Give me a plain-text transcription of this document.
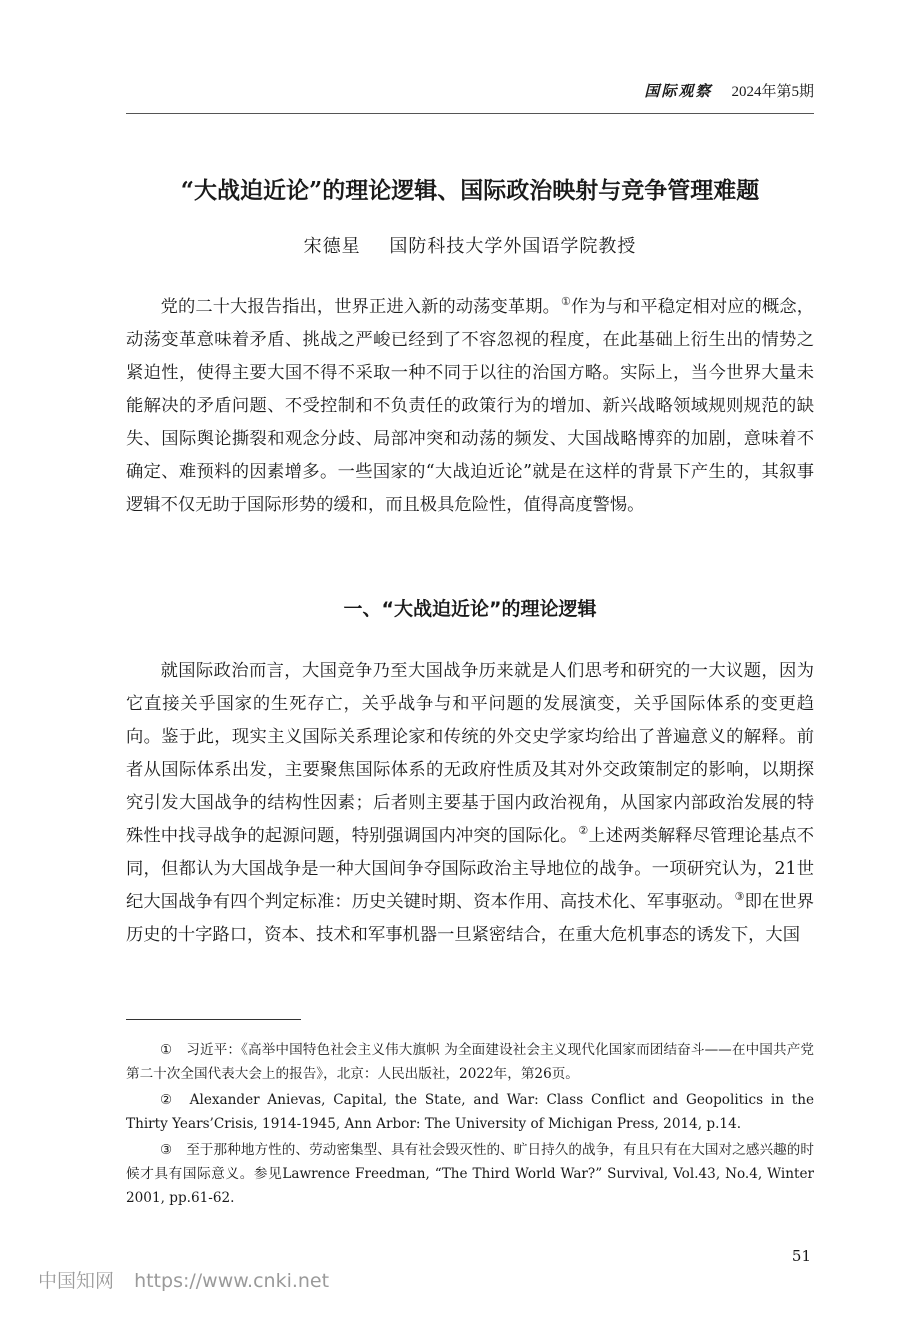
国际观察 2024年第5期
“大战迫近论”的理论逻辑、国际政治映射与竞争管理难题
宋德星 国防科技大学外国语学院教授

党的二十大报告指出，世界正进入新的动荡变革期。①作为与和平稳定相对应的概念，动荡变革意味着矛盾、挑战之严峻已经到了不容忽视的程度，在此基础上衍生出的情势之紧迫性，使得主要大国不得不采取一种不同于以往的治国方略。实际上，当今世界大量未能解决的矛盾问题、不受控制和不负责任的政策行为的增加、新兴战略领域规则规范的缺失、国际舆论撕裂和观念分歧、局部冲突和动荡的频发、大国战略博弈的加剧，意味着不确定、难预料的因素增多。一些国家的“大战迫近论”就是在这样的背景下产生的，其叙事逻辑不仅无助于国际形势的缓和，而且极具危险性，值得高度警惕。

一、“大战迫近论”的理论逻辑

就国际政治而言，大国竞争乃至大国战争历来就是人们思考和研究的一大议题，因为它直接关乎国家的生死存亡，关乎战争与和平问题的发展演变，关乎国际体系的变更趋向。鉴于此，现实主义国际关系理论家和传统的外交史学家均给出了普遍意义的解释。前者从国际体系出发，主要聚焦国际体系的无政府性质及其对外交政策制定的影响，以期探究引发大国战争的结构性因素；后者则主要基于国内政治视角，从国家内部政治发展的特殊性中找寻战争的起源问题，特别强调国内冲突的国际化。②上述两类解释尽管理论基点不同，但都认为大国战争是一种大国间争夺国际政治主导地位的战争。一项研究认为，21世纪大国战争有四个判定标准：历史关键时期、资本作用、高技术化、军事驱动。③即在世界历史的十字路口，资本、技术和军事机器一旦紧密结合，在重大危机事态的诱发下，大国

① 习近平：《高举中国特色社会主义伟大旗帜 为全面建设社会主义现代化国家而团结奋斗——在中国共产党第二十次全国代表大会上的报告》，北京：人民出版社，2022年，第26页。

② Alexander Anievas, Capital, the State, and War: Class Conflict and Geopolitics in the Thirty Years’Crisis, 1914-1945, Ann Arbor: The University of Michigan Press, 2014, p.14.

③ 至于那种地方性的、劳动密集型、具有社会毁灭性的、旷日持久的战争，有且只有在大国对之感兴趣的时候才具有国际意义。参见Lawrence Freedman, “The Third World War?” Survival, Vol.43, No.4, Winter 2001, pp.61-62.

51
中国知网 https://www.cnki.net
